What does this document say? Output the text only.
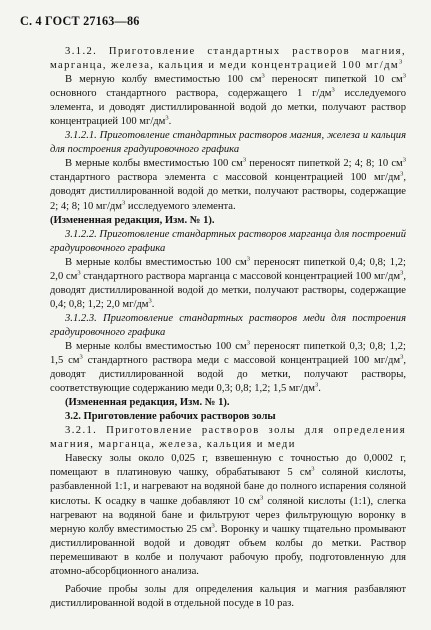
С. 4 ГОСТ 27163—86

3.1.2. Приготовление стандартных растворов магния, марганца, железа, кальция и меди концентрацией 100 $мг/дм^3$

В мерную колбу вместимостью 100 $см^3$ переносят пипеткой 10 $см^3$ основного стандартного раствора, содержащего 1 $г/дм^3$ исследуемого элемента, и доводят дистиллированной водой до метки, получают раствор концентрацией 100 $мг/дм^3$.

3.1.2.1. Приготовление стандартных растворов магния, железа и кальция для построения градуировочного графика

В мерные колбы вместимостью 100 $см^3$ переносят пипеткой 2; 4; 8; 10 $см^3$ стандартного раствора элемента с массовой концентрацией 100 $мг/дм^3$, доводят дистиллированной водой до метки, получают растворы, содержащие 2; 4; 8; 10 $мг/дм^3$ исследуемого элемента.

(Измененная редакция, Изм. № 1).

3.1.2.2. Приготовление стандартных растворов марганца для построений градуировочного графика

В мерные колбы вместимостью 100 $см^3$ переносят пипеткой 0,4; 0,8; 1,2; 2,0 $см^3$ стандартного раствора марганца с массовой концентрацией 100 $мг/дм^3$, доводят дистиллированной водой до метки, получают растворы, содержащие 0,4; 0,8; 1,2; 2,0 $мг/дм^3$.

3.1.2.3. Приготовление стандартных растворов меди для построения градуировочного графика

В мерные колбы вместимостью 100 $см^3$ переносят пипеткой 0,3; 0,8; 1,2; 1,5 $см^3$ стандартного раствора меди с массовой концентрацией 100 $мг/дм^3$, доводят дистиллированной водой до метки, получают растворы, соответствующие содержанию меди 0,3; 0,8; 1,2; 1,5 $мг/дм^3$.

(Измененная редакция, Изм. № 1).

3.2. Приготовление рабочих растворов золы

3.2.1. Приготовление растворов золы для определения магния, марганца, железа, кальция и меди

Навеску золы около 0,025 г, взвешенную с точностью до 0,0002 г, помещают в платиновую чашку, обрабатывают 5 $см^3$ соляной кислоты, разбавленной 1:1, и нагревают на водяной бане до полного испарения соляной кислоты. К осадку в чашке добавляют 10 $см^3$ соляной кислоты (1:1), слегка нагревают на водяной бане и фильтруют через фильтрующую воронку в мерную колбу вместимостью 25 $см^3$. Воронку и чашку тщательно промывают дистиллированной водой и доводят объем колбы до метки. Раствор перемешивают в колбе и получают рабочую пробу, подготовленную для атомно-абсорбционного анализа.

Рабочие пробы золы для определения кальция и магния разбавляют дистиллированной водой в отдельной посуде в 10 раз.
